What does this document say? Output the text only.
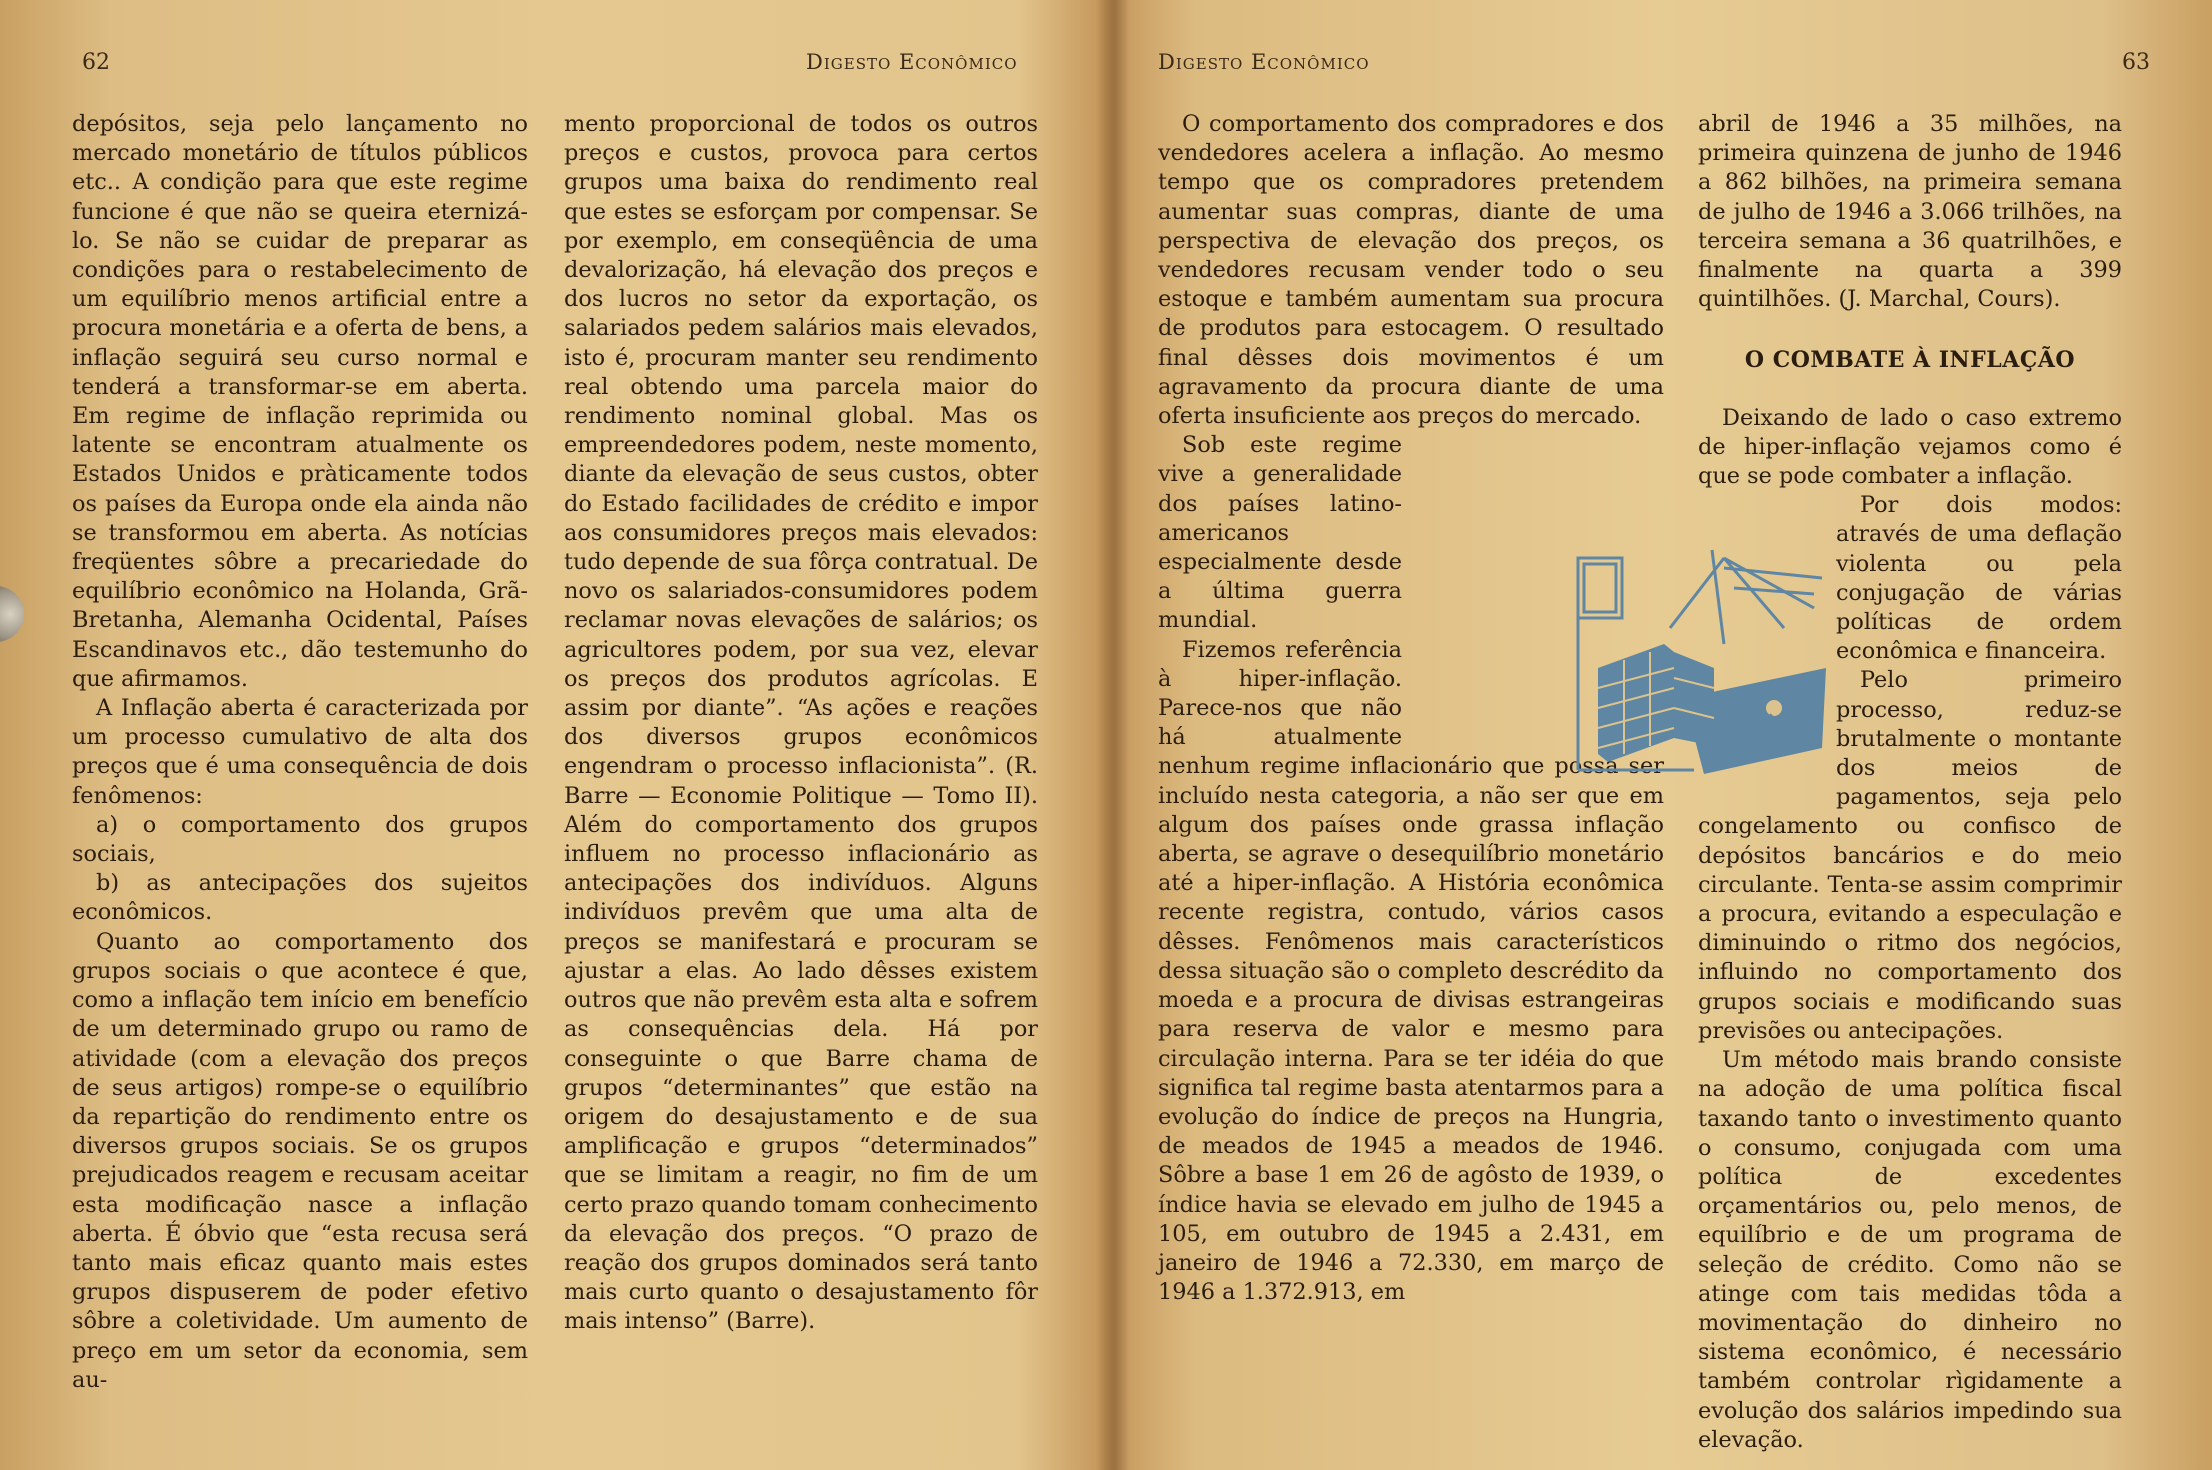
62	Digesto Econômico

depósitos, seja pelo lançamento no mercado monetário de títulos públicos etc.. A condição para que este regime funcione é que não se queira eternizá-lo. Se não se cuidar de preparar as condições para o restabelecimento de um equilíbrio menos artificial entre a procura monetária e a oferta de bens, a inflação seguirá seu curso normal e tenderá a transformar-se em aberta. Em regime de inflação reprimida ou latente se encontram atualmente os Estados Unidos e pràticamente todos os países da Europa onde ela ainda não se transformou em aberta. As notícias freqüentes sôbre a precariedade do equilíbrio econômico na Holanda, Grã-Bretanha, Alemanha Ocidental, Países Escandinavos etc., dão testemunho do que afirmamos.

A Inflação aberta é caracterizada por um processo cumulativo de alta dos preços que é uma consequência de dois fenômenos:

a) o comportamento dos grupos sociais,

b) as antecipações dos sujeitos econômicos.

Quanto ao comportamento dos grupos sociais o que acontece é que, como a inflação tem início em benefício de um determinado grupo ou ramo de atividade (com a elevação dos preços de seus artigos) rompe-se o equilíbrio da repartição do rendimento entre os diversos grupos sociais. Se os grupos prejudicados reagem e recusam aceitar esta modificação nasce a inflação aberta. É óbvio que “esta recusa será tanto mais eficaz quanto mais estes grupos dispuserem de poder efetivo sôbre a coletividade. Um aumento de preço em um setor da economia, sem au-

mento proporcional de todos os outros preços e custos, provoca para certos grupos uma baixa do rendimento real que estes se esforçam por compensar. Se por exemplo, em conseqüência de uma devalorização, há elevação dos preços e dos lucros no setor da exportação, os salariados pedem salários mais elevados, isto é, procuram manter seu rendimento real obtendo uma parcela maior do rendimento nominal global. Mas os empreendedores podem, neste momento, diante da elevação de seus custos, obter do Estado facilidades de crédito e impor aos consumidores preços mais elevados: tudo depende de sua fôrça contratual. De novo os salariados-consumidores podem reclamar novas elevações de salários; os agricultores podem, por sua vez, elevar os preços dos produtos agrícolas. E assim por diante”. “As ações e reações dos diversos grupos econômicos engendram o processo inflacionista”. (R. Barre — Economie Politique — Tomo II). Além do comportamento dos grupos influem no processo inflacionário as antecipações dos indivíduos. Alguns indivíduos prevêm que uma alta de preços se manifestará e procuram se ajustar a elas. Ao lado dêsses existem outros que não prevêm esta alta e sofrem as consequências dela. Há por conseguinte o que Barre chama de grupos “determinantes” que estão na origem do desajustamento e de sua amplificação e grupos “determinados” que se limitam a reagir, no fim de um certo prazo quando tomam conhecimento da elevação dos preços. “O prazo de reação dos grupos dominados será tanto mais curto quanto o desajustamento fôr mais intenso” (Barre).

Digesto Econômico	63

O comportamento dos compradores e dos vendedores acelera a inflação. Ao mesmo tempo que os compradores pretendem aumentar suas compras, diante de uma perspectiva de elevação dos preços, os vendedores recusam vender todo o seu estoque e também aumentam sua procura de produtos para estocagem. O resultado final dêsses dois movimentos é um agravamento da procura diante de uma oferta insuficiente aos preços do mercado.

Sob este regime vive a generalidade dos países latino-americanos especialmente desde a última guerra mundial.

Fizemos referência à hiper-inflação. Parece-nos que não há atualmente nenhum regime inflacionário que possa ser incluído nesta categoria, a não ser que em algum dos países onde grassa inflação aberta, se agrave o desequilíbrio monetário até a hiper-inflação. A História econômica recente registra, contudo, vários casos dêsses. Fenômenos mais característicos dessa situação são o completo descrédito da moeda e a procura de divisas estrangeiras para reserva de valor e mesmo para circulação interna. Para se ter idéia do que significa tal regime basta atentarmos para a evolução do índice de preços na Hungria, de meados de 1945 a meados de 1946. Sôbre a base 1 em 26 de agôsto de 1939, o índice havia se elevado em julho de 1945 a 105, em outubro de 1945 a 2.431, em janeiro de 1946 a 72.330, em março de 1946 a 1.372.913, em

abril de 1946 a 35 milhões, na primeira quinzena de junho de 1946 a 862 bilhões, na primeira semana de julho de 1946 a 3.066 trilhões, na terceira semana a 36 quatrilhões, e finalmente na quarta a 399 quintilhões. (J. Marchal, Cours).

O COMBATE À INFLAÇÃO

Deixando de lado o caso extremo de hiper-inflação vejamos como é que se pode combater a inflação.

Por dois modos: através de uma deflação violenta ou pela conjugação de várias políticas de ordem econômica e financeira.

Pelo primeiro processo, reduz-se brutalmente o montante dos meios de pagamentos, seja pelo congelamento ou confisco de depósitos bancários e do meio circulante. Tenta-se assim comprimir a procura, evitando a especulação e diminuindo o ritmo dos negócios, influindo no comportamento dos grupos sociais e modificando suas previsões ou antecipações.

Um método mais brando consiste na adoção de uma política fiscal taxando tanto o investimento quanto o consumo, conjugada com uma política de excedentes orçamentários ou, pelo menos, de equilíbrio e de um programa de seleção de crédito. Como não se atinge com tais medidas tôda a movimentação do dinheiro no sistema econômico, é necessário também controlar rìgidamente a evolução dos salários impedindo sua elevação.
